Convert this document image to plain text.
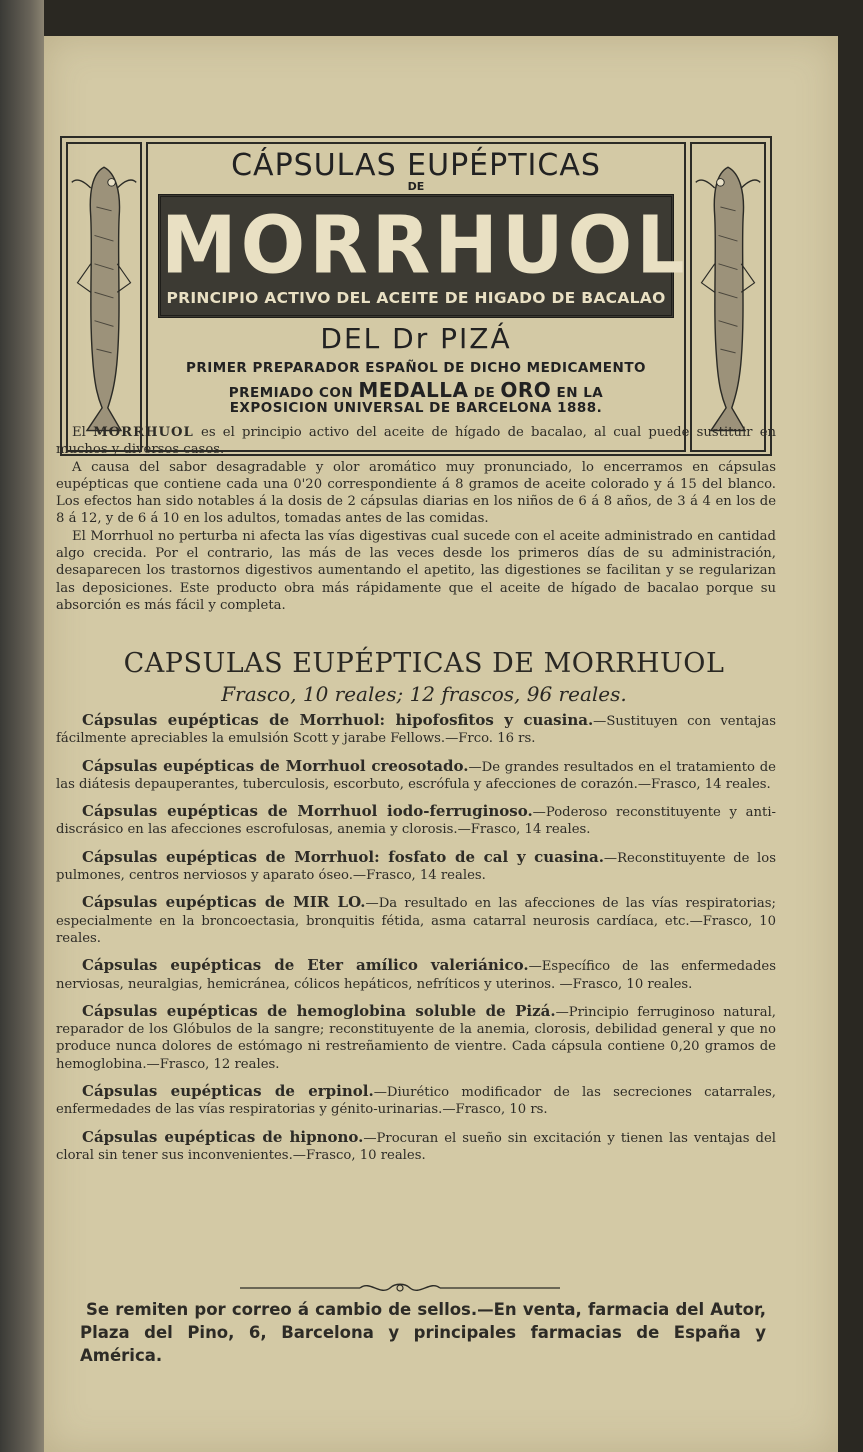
CÁPSULAS EUPÉPTICAS
DE
MORRHUOL
PRINCIPIO ACTIVO DEL ACEITE DE HIGADO DE BACALAO
DEL Dr PIZÁ
PRIMER PREPARADOR ESPAÑOL DE DICHO MEDICAMENTO
PREMIADO CON MEDALLA DE ORO EN LA
EXPOSICION UNIVERSAL DE BARCELONA 1888.

El MORRHUOL es el principio activo del aceite de hígado de bacalao, al cual puede sustituir en muchos y diversos casos.

A causa del sabor desagradable y olor aromático muy pronunciado, lo encerramos en cápsulas eupépticas que contiene cada una 0'20 correspondiente á 8 gramos de aceite colorado y á 15 del blanco. Los efectos han sido notables á la dosis de 2 cápsulas diarias en los niños de 6 á 8 años, de 3 á 4 en los de 8 á 12, y de 6 á 10 en los adultos, tomadas antes de las comidas.

El Morrhuol no perturba ni afecta las vías digestivas cual sucede con el aceite administrado en cantidad algo crecida. Por el contrario, las más de las veces desde los primeros días de su administración, desaparecen los trastornos digestivos aumentando el apetito, las digestiones se facilitan y se regularizan las deposiciones. Este producto obra más rápidamente que el aceite de hígado de bacalao porque su absorción es más fácil y completa.

CAPSULAS EUPÉPTICAS DE MORRHUOL
Frasco, 10 reales; 12 frascos, 96 reales.

Cápsulas eupépticas de Morrhuol: hipofosfitos y cuasina.—Sustituyen con ventajas fácilmente apreciables la emulsión Scott y jarabe Fellows.—Frco. 16 rs.

Cápsulas eupépticas de Morrhuol creosotado.—De grandes resultados en el tratamiento de las diátesis depauperantes, tuberculosis, escorbuto, escrófula y afecciones de corazón.—Frasco, 14 reales.

Cápsulas eupépticas de Morrhuol iodo-ferruginoso.—Poderoso reconstituyente y anti-discrásico en las afecciones escrofulosas, anemia y clorosis.—Frasco, 14 reales.

Cápsulas eupépticas de Morrhuol: fosfato de cal y cuasina.—Reconstituyente de los pulmones, centros nerviosos y aparato óseo.—Frasco, 14 reales.

Cápsulas eupépticas de MIR LO.—Da resultado en las afecciones de las vías respiratorias; especialmente en la broncoectasia, bronquitis fétida, asma catarral neurosis cardíaca, etc.—Frasco, 10 reales.

Cápsulas eupépticas de Eter amílico valeriánico.—Específico de las enfermedades nerviosas, neuralgias, hemicránea, cólicos hepáticos, nefríticos y uterinos. —Frasco, 10 reales.

Cápsulas eupépticas de hemoglobina soluble de Pizá.—Principio ferruginoso natural, reparador de los Glóbulos de la sangre; reconstituyente de la anemia, clorosis, debilidad general y que no produce nunca dolores de estómago ni restreñamiento de vientre. Cada cápsula contiene 0,20 gramos de hemoglobina.—Frasco, 12 reales.

Cápsulas eupépticas de erpinol.—Diurético modificador de las secreciones catarrales, enfermedades de las vías respiratorias y génito-urinarias.—Frasco, 10 rs.

Cápsulas eupépticas de hipnono.—Procuran el sueño sin excitación y tienen las ventajas del cloral sin tener sus inconvenientes.—Frasco, 10 reales.

Se remiten por correo á cambio de sellos.—En venta, farmacia del Autor, Plaza del Pino, 6, Barcelona y principales farmacias de España y América.
